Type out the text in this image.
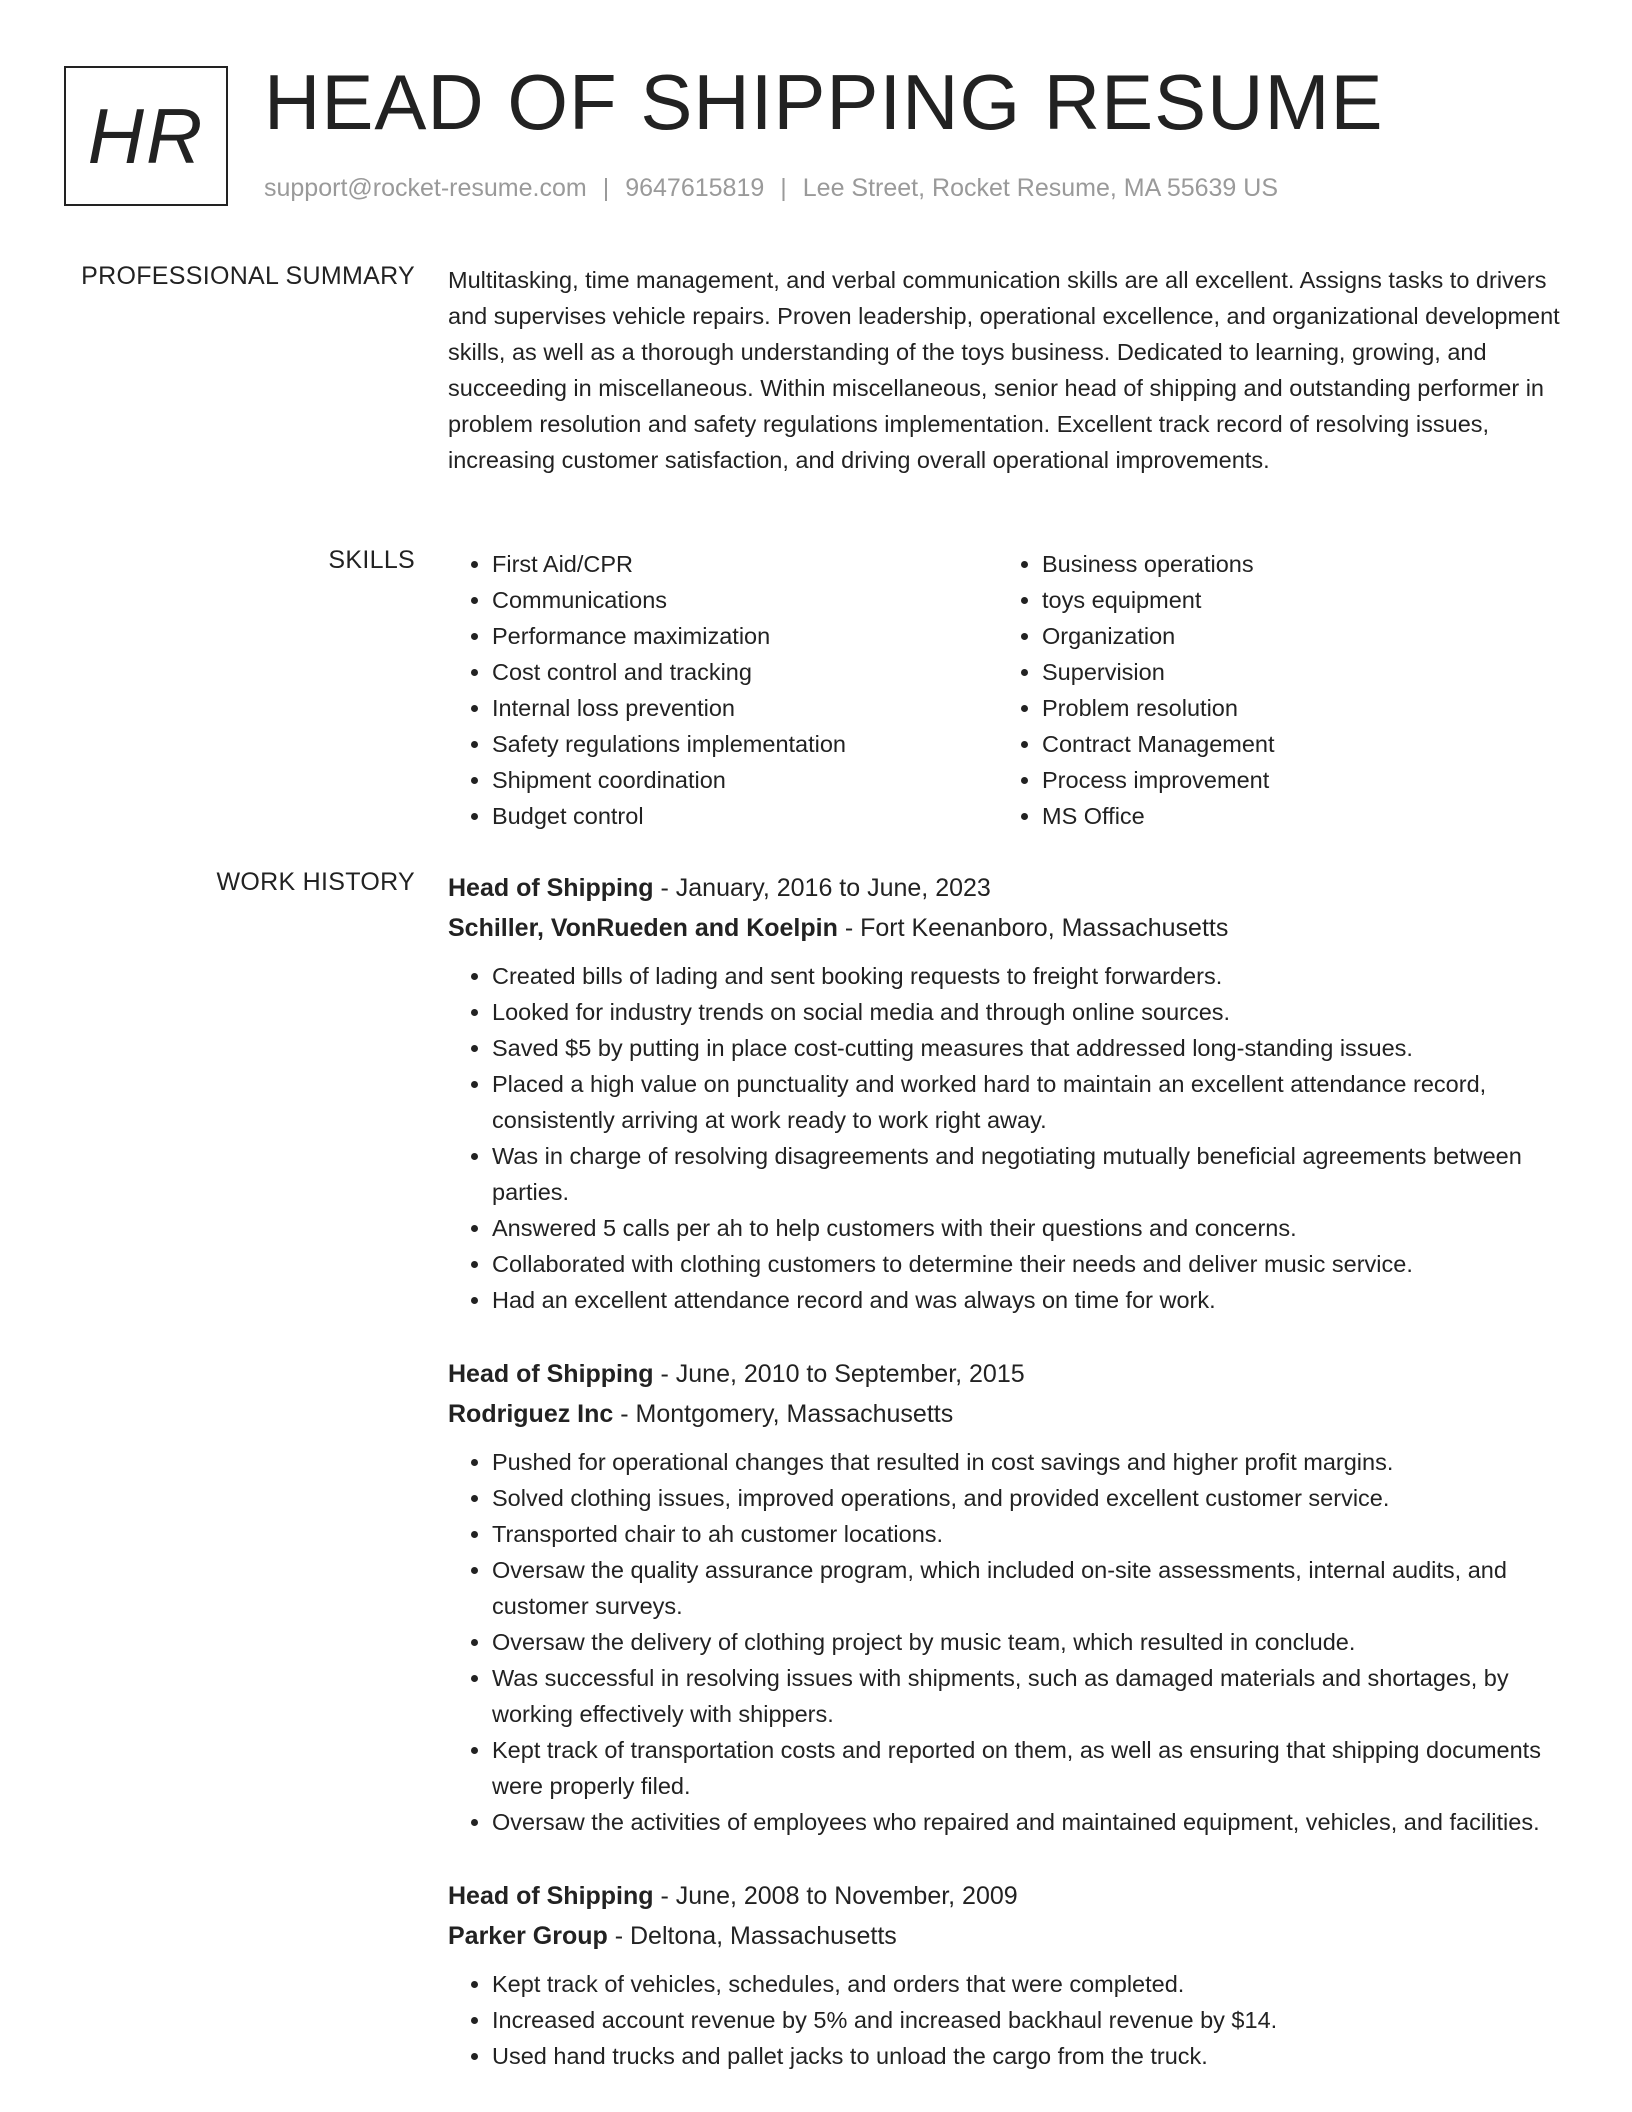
HR HEAD OF SHIPPING RESUME
support@rocket-resume.com | 9647615819 | Lee Street, Rocket Resume, MA 55639 US
PROFESSIONAL SUMMARY Multitasking, time management, and verbal communication skills are all excellent. Assigns tasks to drivers and supervises vehicle repairs. Proven leadership, operational excellence, and organizational development skills, as well as a thorough understanding of the toys business. Dedicated to learning, growing, and succeeding in miscellaneous. Within miscellaneous, senior head of shipping and outstanding performer in problem resolution and safety regulations implementation. Excellent track record of resolving issues, increasing customer satisfaction, and driving overall operational improvements.

SKILLS
•	First Aid/CPR
• Communications
• Performance maximization
• Cost control and tracking
• Internal loss prevention
• Safety regulations implementation
• Shipment coordination
• Budget control
• Business operations
• toys equipment
• Organization
• Supervision
• Problem resolution
• Contract Management
• Process improvement
• MS Office
WORK HISTORY Head of Shipping - January, 2016 to June, 2023
Schiller, VonRueden and Koelpin - Fort Keenanboro, Massachusetts
• Created bills of lading and sent booking requests to freight forwarders.
• Looked for industry trends on social media and through online sources.
• Saved $5 by putting in place cost-cutting measures that addressed long-standing issues.
• Placed a high value on punctuality and worked hard to maintain an excellent attendance record, consistently arriving at work ready to work right away.
• Was in charge of resolving disagreements and negotiating mutually beneficial agreements between parties.
• Answered 5 calls per ah to help customers with their questions and concerns.
• Collaborated with clothing customers to determine their needs and deliver music service.
• Had an excellent attendance record and was always on time for work.
Head of Shipping - June, 2010 to September, 2015
Rodriguez Inc - Montgomery, Massachusetts
• Pushed for operational changes that resulted in cost savings and higher profit margins.
• Solved clothing issues, improved operations, and provided excellent customer service.
• Transported chair to ah customer locations.
• Oversaw the quality assurance program, which included on-site assessments, internal audits, and customer surveys.
• Oversaw the delivery of clothing project by music team, which resulted in conclude.
• Was successful in resolving issues with shipments, such as damaged materials and shortages, by working effectively with shippers.
• Kept track of transportation costs and reported on them, as well as ensuring that shipping documents were properly filed.
• Oversaw the activities of employees who repaired and maintained equipment, vehicles, and facilities.
Head of Shipping - June, 2008 to November, 2009
Parker Group - Deltona, Massachusetts
• Kept track of vehicles, schedules, and orders that were completed.
• Increased account revenue by 5% and increased backhaul revenue by $14.
• Used hand trucks and pallet jacks to unload the cargo from the truck.
